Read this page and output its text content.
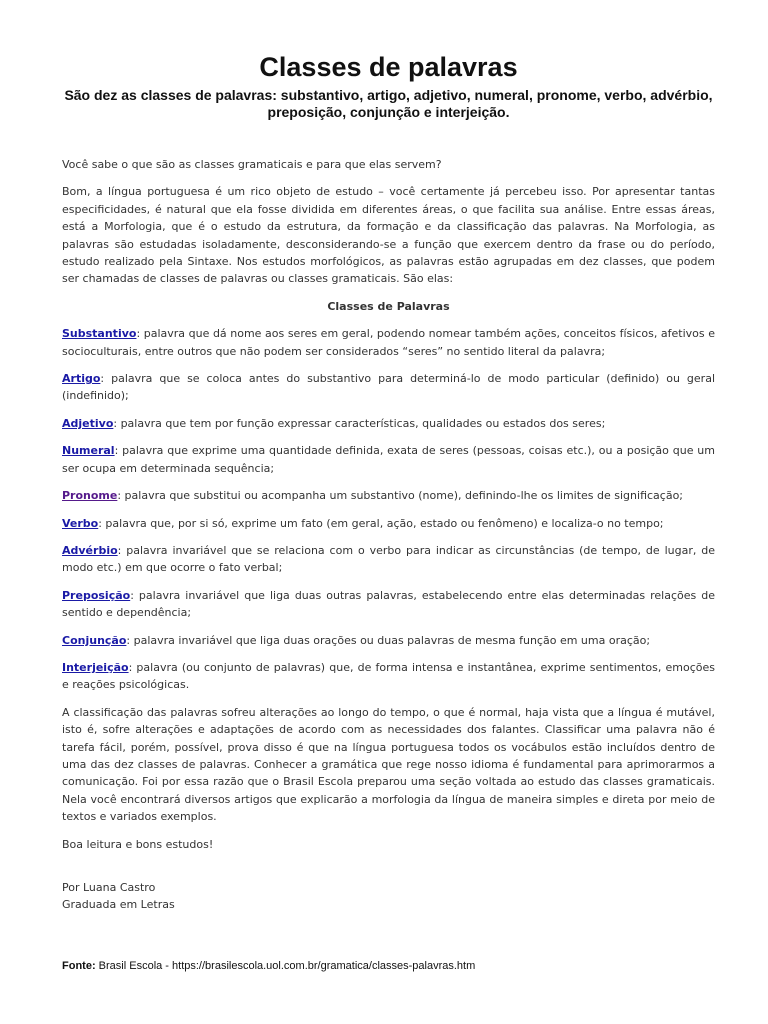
Classes de palavras
São dez as classes de palavras: substantivo, artigo, adjetivo, numeral, pronome, verbo, advérbio, preposição, conjunção e interjeição.

Você sabe o que são as classes gramaticais e para que elas servem?

Bom, a língua portuguesa é um rico objeto de estudo – você certamente já percebeu isso. Por apresentar tantas especificidades, é natural que ela fosse dividida em diferentes áreas, o que facilita sua análise. Entre essas áreas, está a Morfologia, que é o estudo da estrutura, da formação e da classificação das palavras. Na Morfologia, as palavras são estudadas isoladamente, desconsiderando-se a função que exercem dentro da frase ou do período, estudo realizado pela Sintaxe. Nos estudos morfológicos, as palavras estão agrupadas em dez classes, que podem ser chamadas de classes de palavras ou classes gramaticais. São elas:

Classes de Palavras

Substantivo: palavra que dá nome aos seres em geral, podendo nomear também ações, conceitos físicos, afetivos e socioculturais, entre outros que não podem ser considerados “seres” no sentido literal da palavra;

Artigo: palavra que se coloca antes do substantivo para determiná-lo de modo particular (definido) ou geral (indefinido);

Adjetivo: palavra que tem por função expressar características, qualidades ou estados dos seres;

Numeral: palavra que exprime uma quantidade definida, exata de seres (pessoas, coisas etc.), ou a posição que um ser ocupa em determinada sequência;

Pronome: palavra que substitui ou acompanha um substantivo (nome), definindo-lhe os limites de significação;

Verbo: palavra que, por si só, exprime um fato (em geral, ação, estado ou fenômeno) e localiza-o no tempo;

Advérbio: palavra invariável que se relaciona com o verbo para indicar as circunstâncias (de tempo, de lugar, de modo etc.) em que ocorre o fato verbal;

Preposição: palavra invariável que liga duas outras palavras, estabelecendo entre elas determinadas relações de sentido e dependência;

Conjunção: palavra invariável que liga duas orações ou duas palavras de mesma função em uma oração;

Interjeição: palavra (ou conjunto de palavras) que, de forma intensa e instantânea, exprime sentimentos, emoções e reações psicológicas.

A classificação das palavras sofreu alterações ao longo do tempo, o que é normal, haja vista que a língua é mutável, isto é, sofre alterações e adaptações de acordo com as necessidades dos falantes. Classificar uma palavra não é tarefa fácil, porém, possível, prova disso é que na língua portuguesa todos os vocábulos estão incluídos dentro de uma das dez classes de palavras. Conhecer a gramática que rege nosso idioma é fundamental para aprimorarmos a comunicação. Foi por essa razão que o Brasil Escola preparou uma seção voltada ao estudo das classes gramaticais. Nela você encontrará diversos artigos que explicarão a morfologia da língua de maneira simples e direta por meio de textos e variados exemplos.

Boa leitura e bons estudos!

Por Luana Castro

Graduada em Letras

Fonte: Brasil Escola - https://brasilescola.uol.com.br/gramatica/classes-palavras.htm
